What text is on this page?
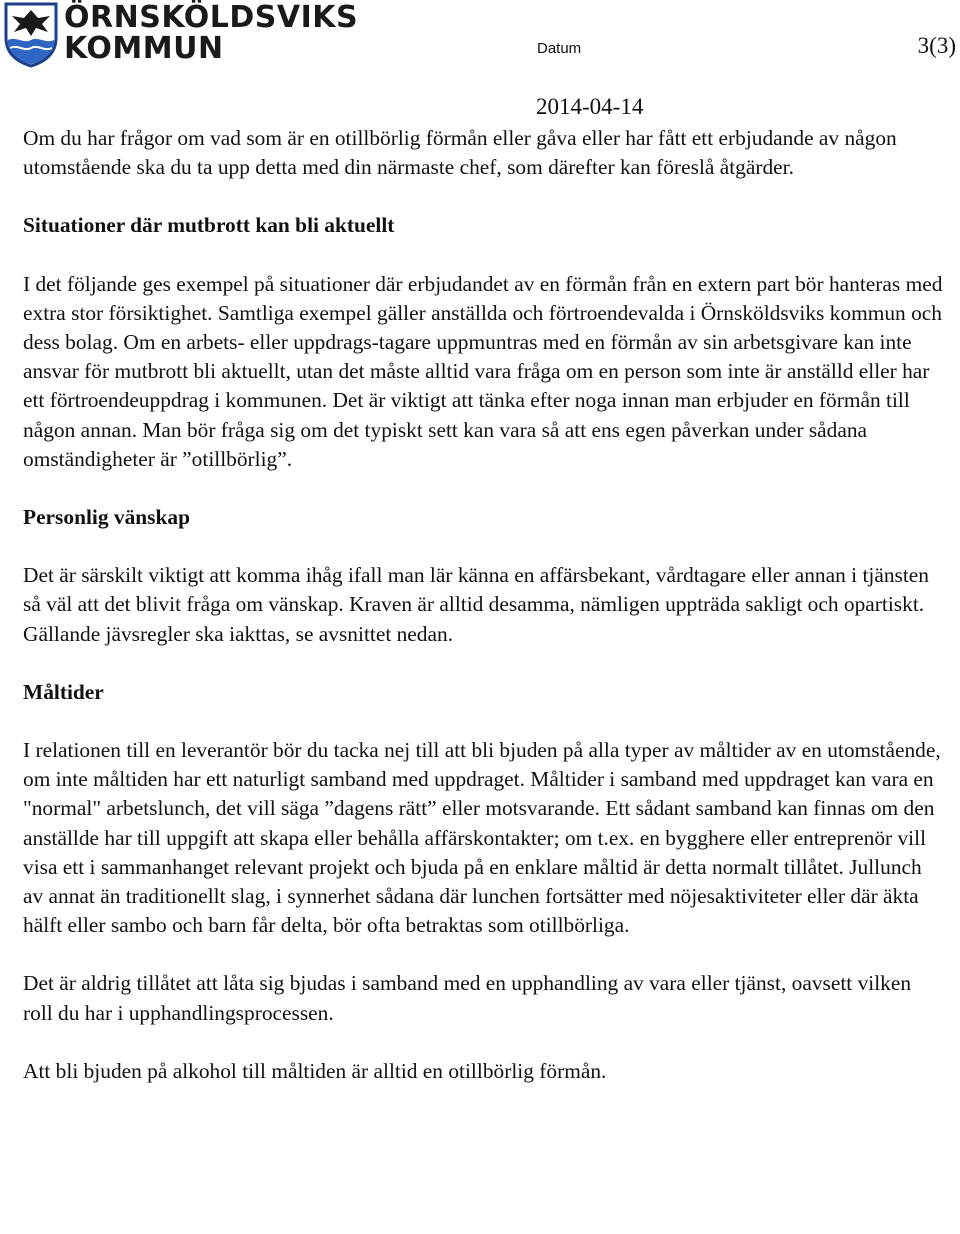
ÖRNSKÖLDSVIKS
KOMMUN	Datum	3(3)
2014-04-14

Om du har frågor om vad som är en otillbörlig förmån eller gåva eller har fått ett erbjudande av någon utomstående ska du ta upp detta med din närmaste chef, som därefter kan föreslå åtgärder.

Situationer där mutbrott kan bli aktuellt

I det följande ges exempel på situationer där erbjudandet av en förmån från en extern part bör hanteras med extra stor försiktighet. Samtliga exempel gäller anställda och förtroendevalda i Örnsköldsviks kommun och dess bolag. Om en arbets- eller uppdrags-tagare uppmuntras med en förmån av sin arbetsgivare kan inte ansvar för mutbrott bli aktuellt, utan det måste alltid vara fråga om en person som inte är anställd eller har ett förtroendeuppdrag i kommunen. Det är viktigt att tänka efter noga innan man erbjuder en förmån till någon annan. Man bör fråga sig om det typiskt sett kan vara så att ens egen påverkan under sådana omständigheter är ”otillbörlig”.

Personlig vänskap

Det är särskilt viktigt att komma ihåg ifall man lär känna en affärsbekant, vårdtagare eller annan i tjänsten så väl att det blivit fråga om vänskap. Kraven är alltid desamma, nämligen uppträda sakligt och opartiskt. Gällande jävsregler ska iakttas, se avsnittet nedan.

Måltider

I relationen till en leverantör bör du tacka nej till att bli bjuden på alla typer av måltider av en utomstående, om inte måltiden har ett naturligt samband med uppdraget. Måltider i samband med uppdraget kan vara en "normal" arbetslunch, det vill säga ”dagens rätt” eller motsvarande. Ett sådant samband kan finnas om den anställde har till uppgift att skapa eller behålla affärskontakter; om t.ex. en bygghere eller entreprenör vill visa ett i sammanhanget relevant projekt och bjuda på en enklare måltid är detta normalt tillåtet. Jullunch av annat än traditionellt slag, i synnerhet sådana där lunchen fortsätter med nöjesaktiviteter eller där äkta hälft eller sambo och barn får delta, bör ofta betraktas som otillbörliga.

Det är aldrig tillåtet att låta sig bjudas i samband med en upphandling av vara eller tjänst, oavsett vilken roll du har i upphandlingsprocessen.

Att bli bjuden på alkohol till måltiden är alltid en otillbörlig förmån.
